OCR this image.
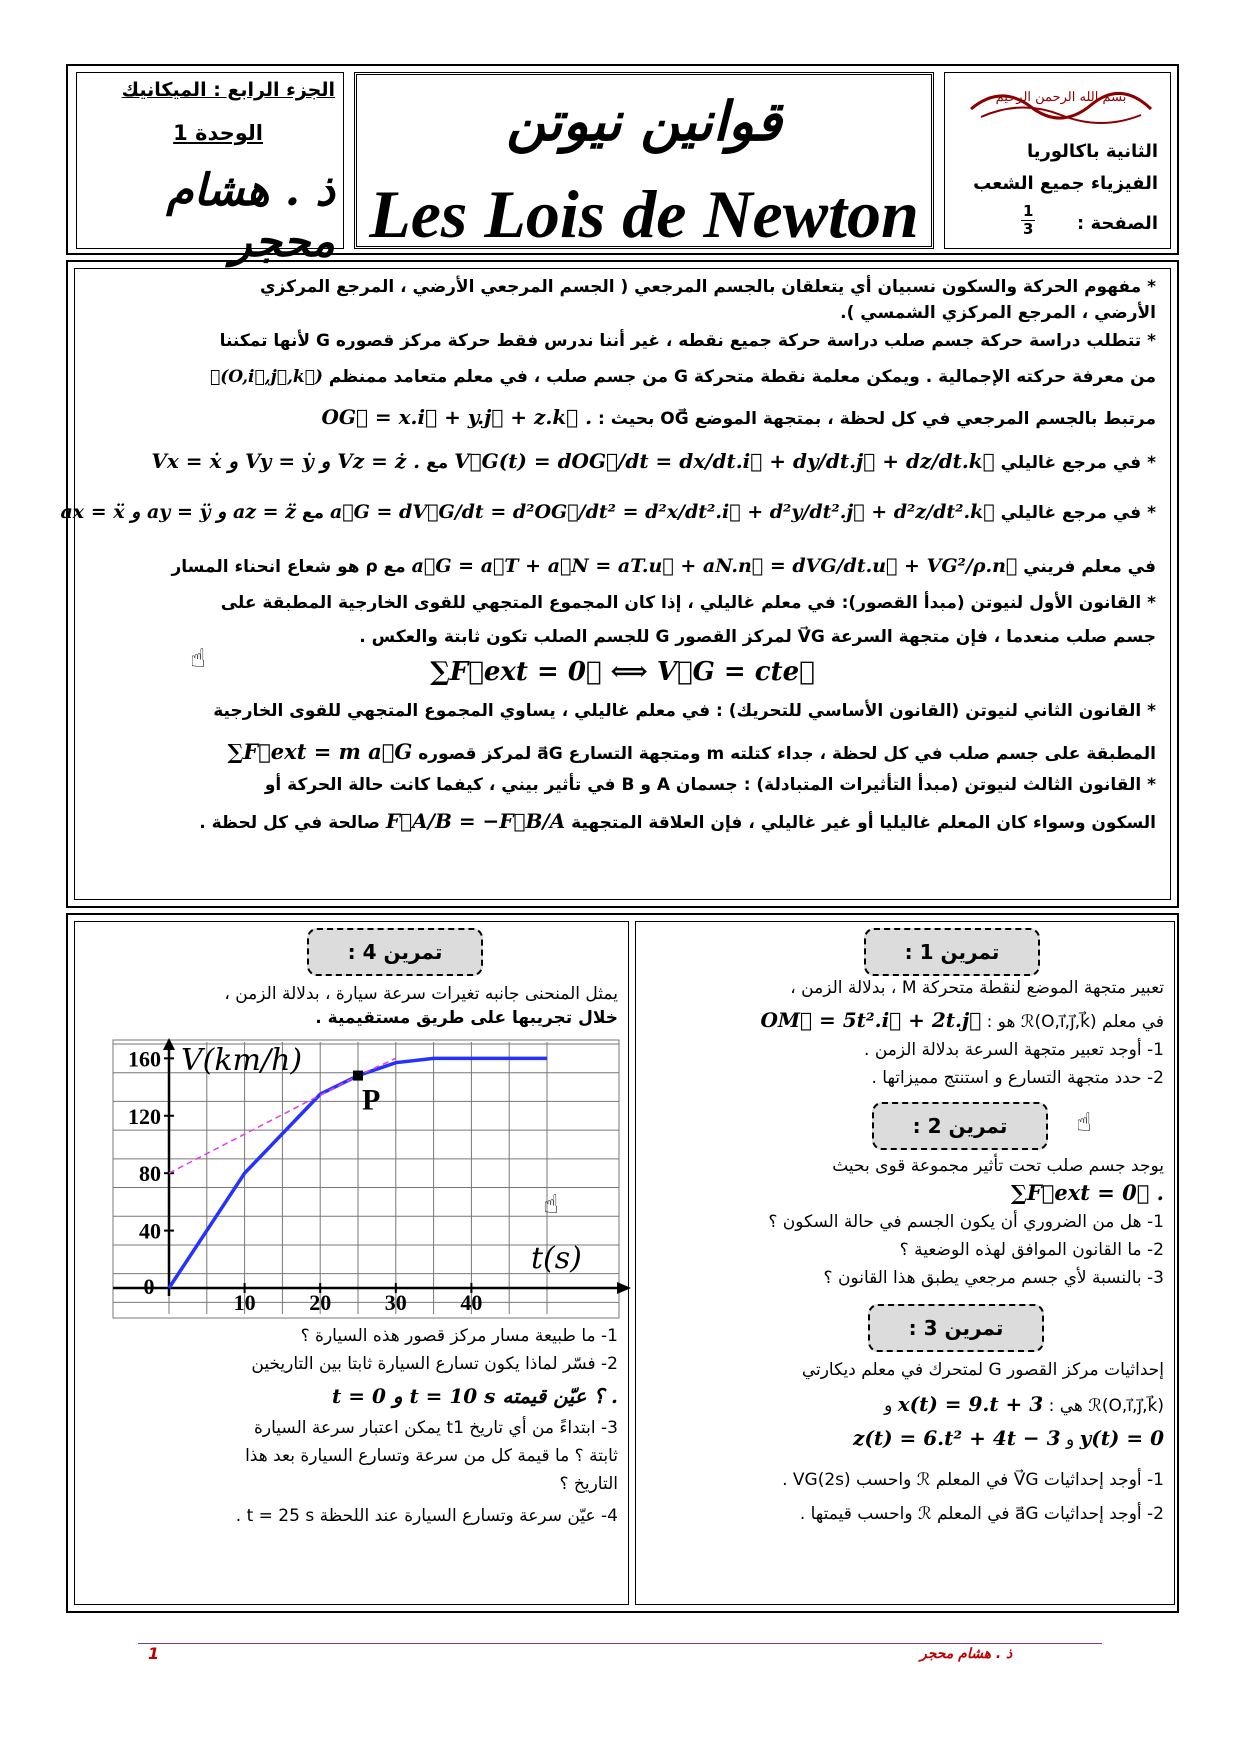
الجزء الرابع : الميكانيك
الوحدة 1
ذ . هشام محجر
قوانين نيوتن
Les Lois de Newton
بسم الله الرحمن الرحيم
الثانية باكالوريا
الفيزياء جميع الشعب
الصفحة :
$\frac{1}{3}$
* مفهوم الحركة والسكون نسبيان أي يتعلقان بالجسم المرجعي ( الجسم المرجعي الأرضي ، المرجع المركزي
الأرضي ، المرجع المركزي الشمسي ).
* تتطلب دراسة حركة جسم صلب دراسة حركة جميع نقطه ، غير أننا ندرس فقط حركة مركز قصوره G لأنها تمكننا
من معرفة حركته الإجمالية . ويمكن معلمة نقطة متحركة G من جسم صلب ، في معلم متعامد ممنظم ℛ(O,i⃗,j⃗,k⃗)
مرتبط بالجسم المرجعي في كل لحظة ، بمتجهة الموضع OG⃗ بحيث : OG⃗ = x.i⃗ + y.j⃗ + z.k⃗ .
* في مرجع غاليلي V⃗G(t) = dOG⃗/dt = dx/dt.i⃗ + dy/dt.j⃗ + dz/dt.k⃗ مع Vx = ẋ و Vy = ẏ و Vz = ż .
* في مرجع غاليلي a⃗G = dV⃗G/dt = d²OG⃗/dt² = d²x/dt².i⃗ + d²y/dt².j⃗ + d²z/dt².k⃗ مع ax = ẍ و ay = ÿ و az = z̈
في معلم فريني a⃗G = a⃗T + a⃗N = aT.u⃗ + aN.n⃗ = dVG/dt.u⃗ + VG²/ρ.n⃗ مع ρ هو شعاع انحناء المسار
* القانون الأول لنيوتن (مبدأ القصور): في معلم غاليلي ، إذا كان المجموع المتجهي للقوى الخارجية المطبقة على
جسم صلب منعدما ، فإن متجهة السرعة V⃗G لمركز القصور G للجسم الصلب تكون ثابتة والعكس .
∑F⃗ext = 0⃗ ⟺ V⃗G = cte⃗
* القانون الثاني لنيوتن (القانون الأساسي للتحريك) : في معلم غاليلي ، يساوي المجموع المتجهي للقوى الخارجية
المطبقة على جسم صلب في كل لحظة ، جداء كتلته m ومتجهة التسارع a⃗G لمركز قصوره ∑F⃗ext = m a⃗G
* القانون الثالث لنيوتن (مبدأ التأثيرات المتبادلة) : جسمان A و B في تأثير بيني ، كيفما كانت حالة الحركة أو
السكون وسواء كان المعلم غاليليا أو غير غاليلي ، فإن العلاقة المتجهية F⃗A/B = −F⃗B/A صالحة في كل لحظة .
☝
تمرين 4 :
يمثل المنحنى جانبه تغيرات سرعة سيارة ، بدلالة الزمن ،
خلال تجريبها على طريق مستقيمية .
0
10 20 30 40
40
80
120
160
P
V(km/h)
t(s)
☝
1- ما طبيعة مسار مركز قصور هذه السيارة ؟
2- فسّر لماذا يكون تسارع السيارة ثابتا بين التاريخين
t = 0 و t = 10 s ؟ عيّن قيمته .
3- ابتداءً من أي تاريخ t1 يمكن اعتبار سرعة السيارة
ثابتة ؟ ما قيمة كل من سرعة وتسارع السيارة بعد هذا
التاريخ ؟
4- عيّن سرعة وتسارع السيارة عند اللحظة t = 25 s .
تمرين 1 :
تعبير متجهة الموضع لنقطة متحركة M ، بدلالة الزمن ،
في معلم ℛ(O,i⃗,j⃗,k⃗) هو : OM⃗ = 5t².i⃗ + 2t.j⃗
1- أوجد تعبير متجهة السرعة بدلالة الزمن .
2- حدد متجهة التسارع و استنتج مميزاتها .
تمرين 2 :	☝
يوجد جسم صلب تحت تأثير مجموعة قوى بحيث
∑F⃗ext = 0⃗ .
1- هل من الضروري أن يكون الجسم في حالة السكون ؟
2- ما القانون الموافق لهذه الوضعية ؟
3- بالنسبة لأي جسم مرجعي يطبق هذا القانون ؟
تمرين 3 :
إحداثيات مركز القصور G لمتحرك في معلم ديكارتي
ℛ(O,i⃗,j⃗,k⃗) هي : x(t) = 9.t + 3 و
y(t) = 0 و z(t) = 6.t² + 4t − 3
1- أوجد إحداثيات V⃗G في المعلم ℛ واحسب VG(2s) .
2- أوجد إحداثيات a⃗G في المعلم ℛ واحسب قيمتها .
ذ . هشام محجر
1
